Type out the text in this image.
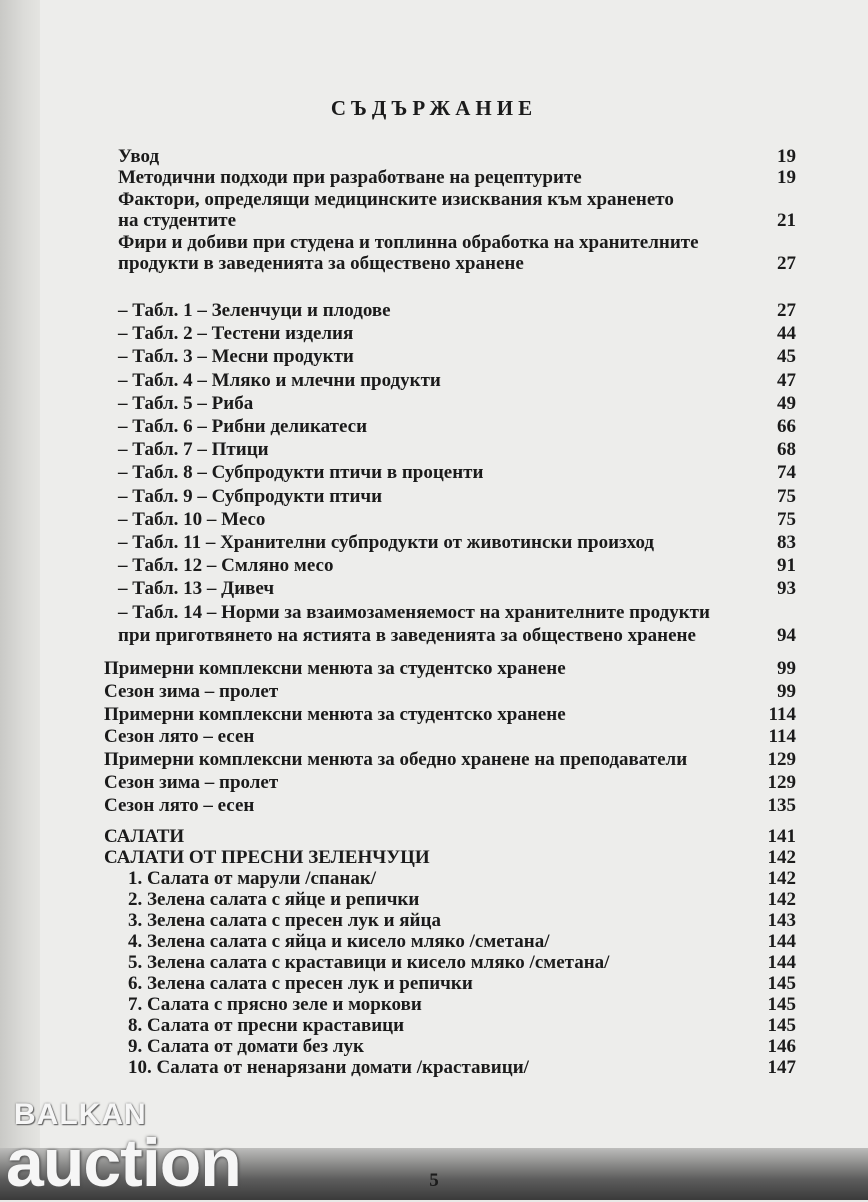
СЪДЪРЖАНИЕ
Увод	19
Методични подходи при разработване на рецептурите	19
Фактори, определящи медицинските изисквания към храненето
на студентите	21
Фири и добиви при студена и топлинна обработка на хранителните
продукти в заведенията за обществено хранене	27
– Табл. 1 – Зеленчуци и плодове	27
– Табл. 2 – Тестени изделия	44
– Табл. 3 – Месни продукти	45
– Табл. 4 – Мляко и млечни продукти	47
– Табл. 5 – Риба	49
– Табл. 6 – Рибни деликатеси	66
– Табл. 7 – Птици	68
– Табл. 8 – Субпродукти птичи в проценти	74
– Табл. 9 – Субпродукти птичи	75
– Табл. 10 – Месо	75
– Табл. 11 – Хранителни субпродукти от животински произход	83
– Табл. 12 – Смляно месо	91
– Табл. 13 – Дивеч	93
– Табл. 14 – Норми за взаимозаменяемост на хранителните продукти
при приготвянето на ястията в заведенията за обществено хранене	94
Примерни комплексни менюта за студентско хранене	99
Сезон зима – пролет	99
Примерни комплексни менюта за студентско хранене	114
Сезон лято – есен	114
Примерни комплексни менюта за обедно хранене на преподаватели	129
Сезон зима – пролет	129
Сезон лято – есен	135
САЛАТИ	141
САЛАТИ ОТ ПРЕСНИ ЗЕЛЕНЧУЦИ	142
1. Салата от марули /спанак/	142
2. Зелена салата с яйце и репички	142
3. Зелена салата с пресен лук и яйца	143
4. Зелена салата с яйца и кисело мляко /сметана/	144
5. Зелена салата с краставици и кисело мляко /сметана/	144
6. Зелена салата с пресен лук и репички	145
7. Салата с прясно зеле и моркови	145
8. Салата от пресни краставици	145
9. Салата от домати без лук	146
10. Салата от ненарязани домати /краставици/	147
5
BALKAN
auction
